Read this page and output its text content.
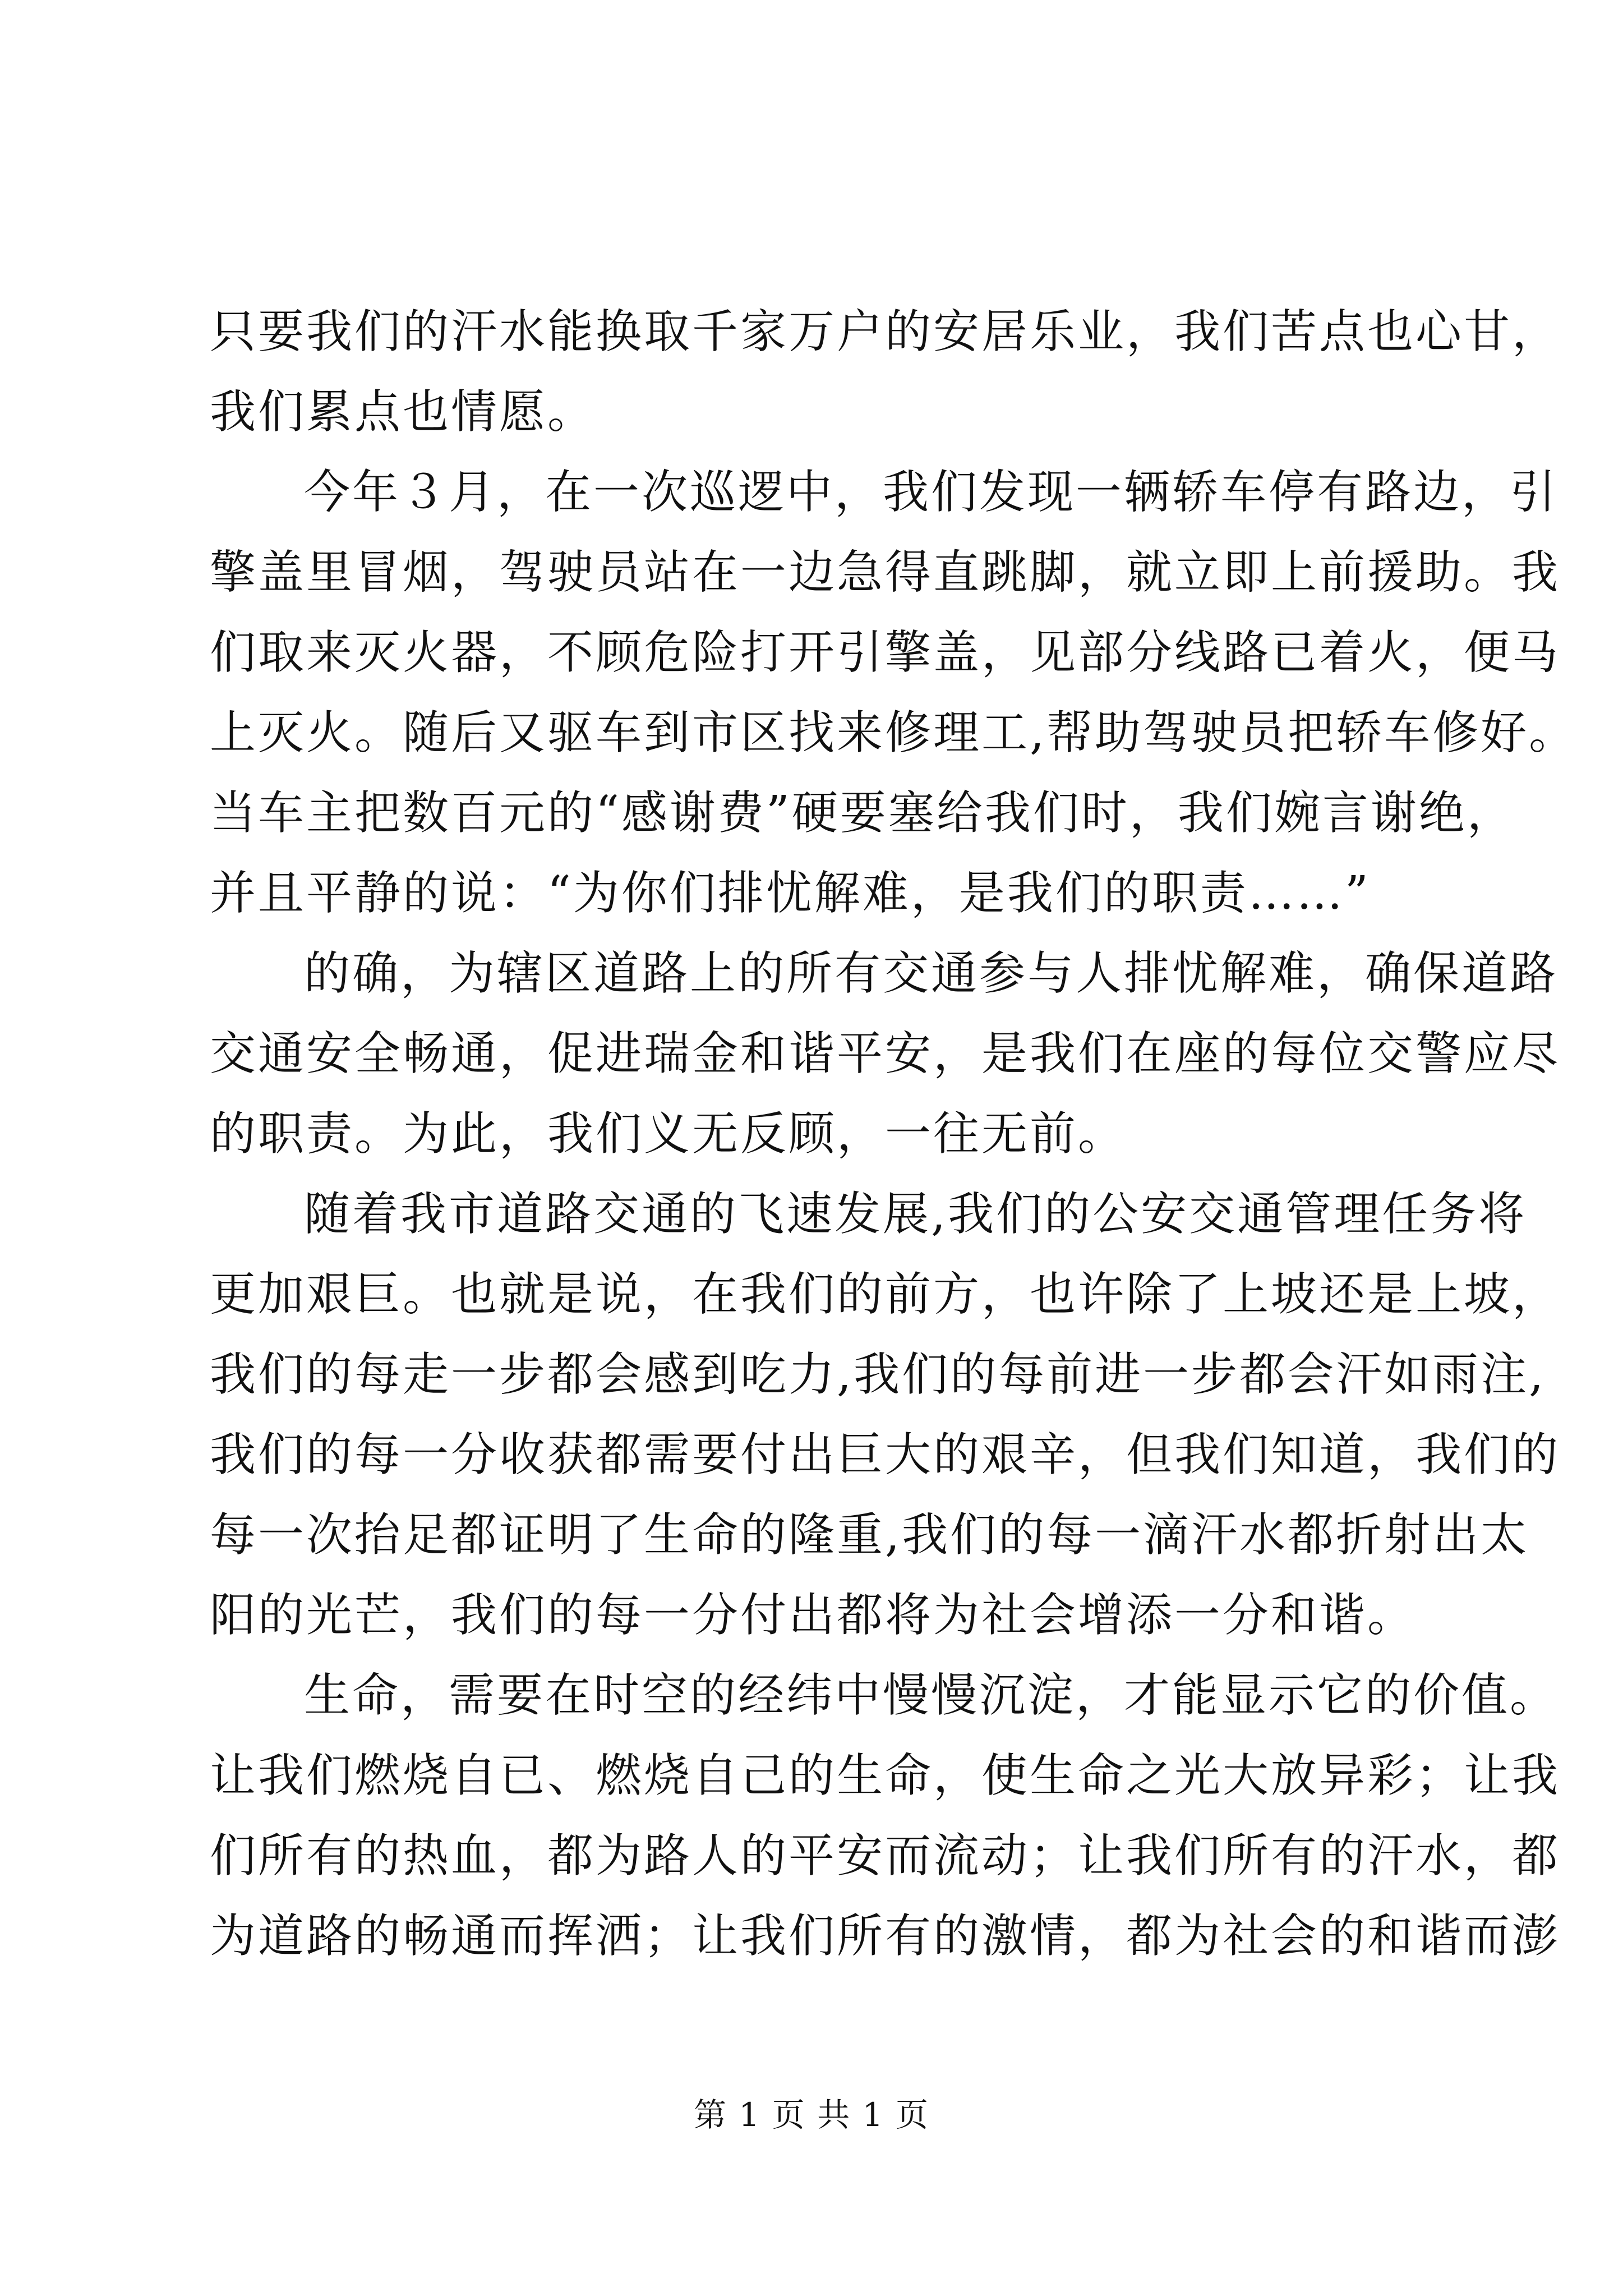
只要我们的汗水能换取千家万户的安居乐业，我们苦点也心甘，
我们累点也情愿。
今年３月，在一次巡逻中，我们发现一辆轿车停有路边，引
擎盖里冒烟，驾驶员站在一边急得直跳脚，就立即上前援助。我
们取来灭火器，不顾危险打开引擎盖，见部分线路已着火，便马
上灭火。随后又驱车到市区找来修理工,帮助驾驶员把轿车修好。
当车主把数百元的“感谢费”硬要塞给我们时，我们婉言谢绝，
并且平静的说：“为你们排忧解难，是我们的职责……”
的确，为辖区道路上的所有交通参与人排忧解难，确保道路
交通安全畅通，促进瑞金和谐平安，是我们在座的每位交警应尽
的职责。为此，我们义无反顾，一往无前。
随着我市道路交通的飞速发展,我们的公安交通管理任务将
更加艰巨。也就是说，在我们的前方，也许除了上坡还是上坡，
我们的每走一步都会感到吃力,我们的每前进一步都会汗如雨注,
我们的每一分收获都需要付出巨大的艰辛，但我们知道，我们的
每一次抬足都证明了生命的隆重,我们的每一滴汗水都折射出太
阳的光芒，我们的每一分付出都将为社会增添一分和谐。
生命，需要在时空的经纬中慢慢沉淀，才能显示它的价值。
让我们燃烧自已、燃烧自己的生命，使生命之光大放异彩；让我
们所有的热血，都为路人的平安而流动；让我们所有的汗水，都
为道路的畅通而挥洒；让我们所有的激情，都为社会的和谐而澎
第 1 页 共 1 页
